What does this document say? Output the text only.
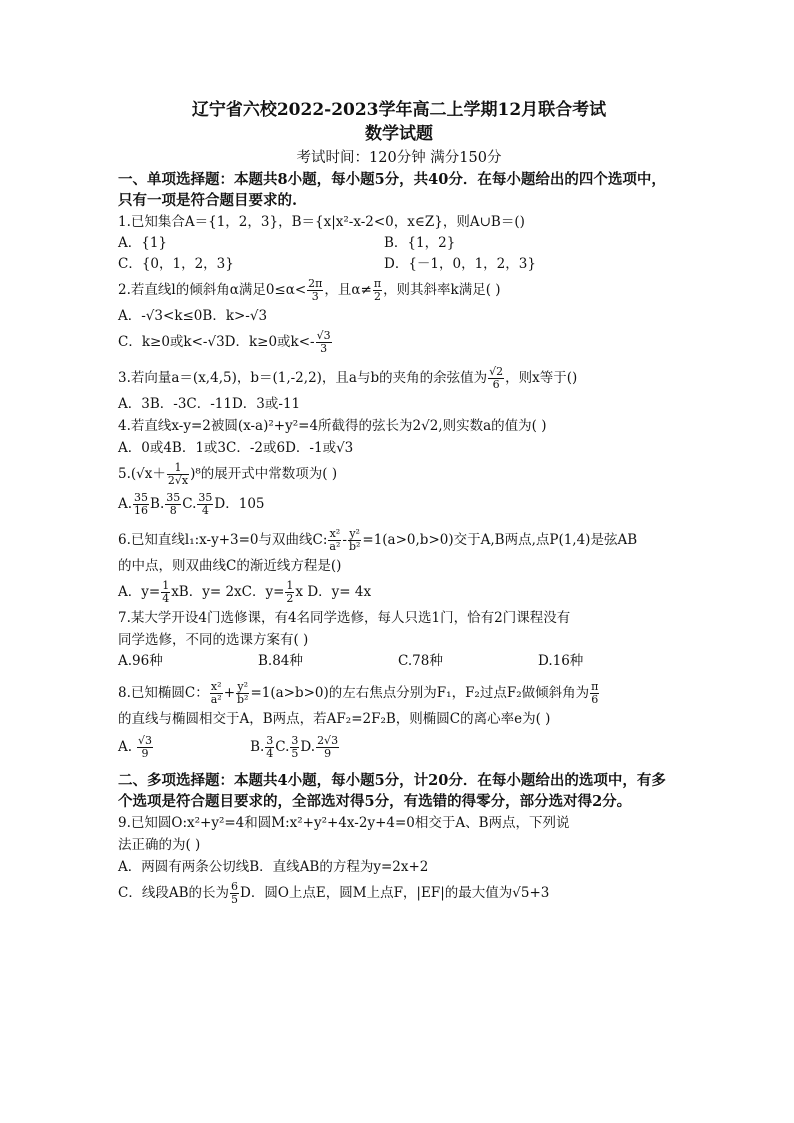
辽宁省六校2022-2023学年高二上学期12月联合考试
数学试题
考试时间：120分钟 满分150分
一、单项选择题：本题共8小题，每小题5分，共40分．在每小题给出的四个选项中，只有一项是符合题目要求的.
1.已知集合A＝{1，2，3}，B＝{x|x²-x-2<0，x∈Z}，则A∪B＝()
A．{1}	B．{1，2}
C．{0，1，2，3}	D．{－1，0，1，2，3}
2.若直线l的倾斜角α满足$0\le\alpha< \frac{2\pi}{3}$ ，且$\alpha\ne \frac{\pi}{2}$ ，则其斜率k满足( )
A．-√3<k≤0B．k>-√3
C．k≥0或k<-√3D．k≥0或$k<- \frac{√3}{3}$
3.若向量a＝(x,4,5)，b＝(1,-2,2)，且a与b的夹角的余弦值为 $\frac{√2}{6}$ ，则x等于()
A．3B．-3C．-11D．3或-11
4.若直线x-y=2被圆(x-a)²+y²=4所截得的弦长为2√2,则实数a的值为( )
A．0或4B．1或3C．-2或6D．-1或√3
$5.(√x+ \frac{1}{2√x} )^8$的展开式中常数项为( )
A. $\frac{35}{16} B$. $\frac{35}{8} C$. $\frac{35}{4}$ D．105
6.已知直线l₁:x-y+3=0与双曲线C: $\frac{\text{x²}}{\text{a²}} - \frac{\text{y²}}{\text{b²}} =1(a>0,b>0)$交于A,B两点,点P(1,4)是弦AB
的中点，则双曲线C的渐近线方程是()
A．$y= \frac{1}{4}$ xB．y= 2xC．$y= \frac{1}{2}$ x D．y= 4x
7.某大学开设4门选修课，有4名同学选修，每人只选1门，恰有2门课程没有
同学选修，不同的选课方案有( )
A.96种	B.84种	C.78种	D.16种
8.已知椭圆C： $\frac{\text{x²}}{\text{a²}} + \frac{\text{y²}}{\text{b²}} =1(a>b>0)$的左右焦点分别为F₁，F₂过点F₂做倾斜角为 $\frac{\pi}{6}$
的直线与椭圆相交于A，B两点，若AF₂=2F₂B，则椭圆C的离心率e为( )
A. $\frac{√3}{9}$	B. $\frac{3}{4} C$. $\frac{3}{5} D$. $\frac{2√3}{9}$
二、多项选择题：本题共4小题，每小题5分，计20分．在每小题给出的选项中，有多个选项是符合题目要求的，全部选对得5分，有选错的得零分，部分选对得2分。
9.已知圆O:x²+y²=4和圆M:x²+y²+4x-2y+4=0相交于A、B两点，下列说
法正确的为( )
A．两圆有两条公切线B．直线AB的方程为y=2x+2
C．线段AB的长为 $\frac{6}{5}$ D．圆O上点E，圆M上点F，|EF|的最大值为√5+3
